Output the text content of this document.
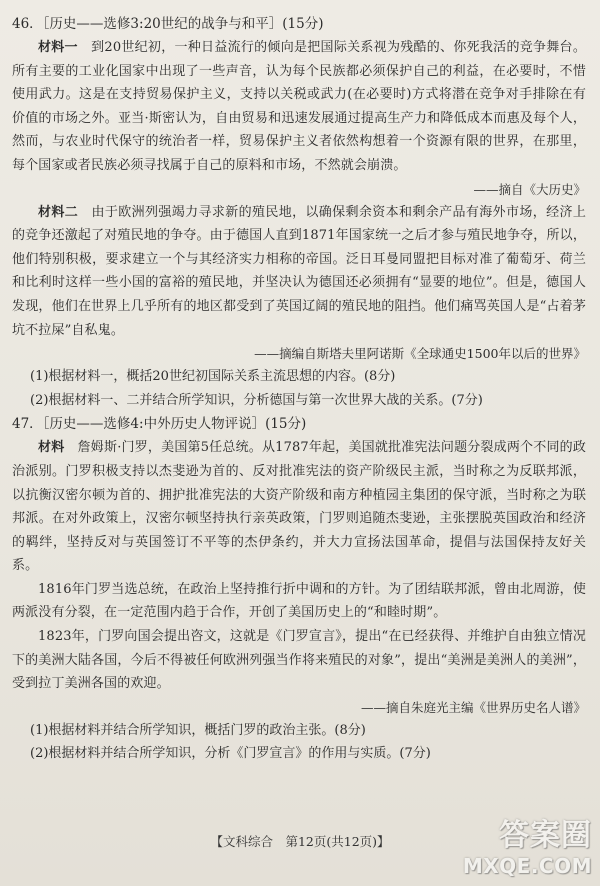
46．［历史——选修3:20世纪的战争与和平］(15分)

材料一　到20世纪初，一种日益流行的倾向是把国际关系视为残酷的、你死我活的竞争舞台。所有主要的工业化国家中出现了一些声音，认为每个民族都必须保护自己的利益，在必要时，不惜使用武力。这是在支持贸易保护主义，支持以关税或武力(在必要时)方式将潜在竞争对手排除在有价值的市场之外。亚当·斯密认为，自由贸易和迅速发展通过提高生产力和降低成本而惠及每个人，然而，与农业时代保守的统治者一样，贸易保护主义者依然构想着一个资源有限的世界，在那里，每个国家或者民族必须寻找属于自己的原料和市场，不然就会崩溃。

——摘自《大历史》

材料二　由于欧洲列强竭力寻求新的殖民地，以确保剩余资本和剩余产品有海外市场，经济上的竞争还激起了对殖民地的争夺。由于德国人直到1871年国家统一之后才参与殖民地争夺，所以，他们特别积极，要求建立一个与其经济实力相称的帝国。泛日耳曼同盟把目标对准了葡萄牙、荷兰和比利时这样一些小国的富裕的殖民地，并坚决认为德国还必须拥有“显要的地位”。但是，德国人发现，他们在世界上几乎所有的地区都受到了英国辽阔的殖民地的阻挡。他们痛骂英国人是“占着茅坑不拉屎”自私鬼。

——摘编自斯塔夫里阿诺斯《全球通史1500年以后的世界》

(1)根据材料一，概括20世纪初国际关系主流思想的内容。(8分)

(2)根据材料一、二并结合所学知识，分析德国与第一次世界大战的关系。(7分)

47．［历史——选修4:中外历史人物评说］(15分)

材料　詹姆斯·门罗，美国第5任总统。从1787年起，美国就批准宪法问题分裂成两个不同的政治派别。门罗积极支持以杰斐逊为首的、反对批准宪法的资产阶级民主派，当时称之为反联邦派，以抗衡汉密尔顿为首的、拥护批准宪法的大资产阶级和南方种植园主集团的保守派，当时称之为联邦派。在对外政策上，汉密尔顿坚持执行亲英政策，门罗则追随杰斐逊，主张摆脱英国政治和经济的羁绊，坚持反对与英国签订不平等的杰伊条约，并大力宣扬法国革命，提倡与法国保持友好关系。

1816年门罗当选总统，在政治上坚持推行折中调和的方针。为了团结联邦派，曾由北周游，使两派没有分裂，在一定范围内趋于合作，开创了美国历史上的“和睦时期”。

1823年，门罗向国会提出咨文，这就是《门罗宣言》，提出“在已经获得、并维护自由独立情况下的美洲大陆各国，今后不得被任何欧洲列强当作将来殖民的对象”，提出“美洲是美洲人的美洲”，受到拉丁美洲各国的欢迎。

——摘自朱庭光主编《世界历史名人谱》

(1)根据材料并结合所学知识，概括门罗的政治主张。(8分)

(2)根据材料并结合所学知识，分析《门罗宣言》的作用与实质。(7分)

【文科综合　第12页(共12页)】	答案圈
MXQE.COM
